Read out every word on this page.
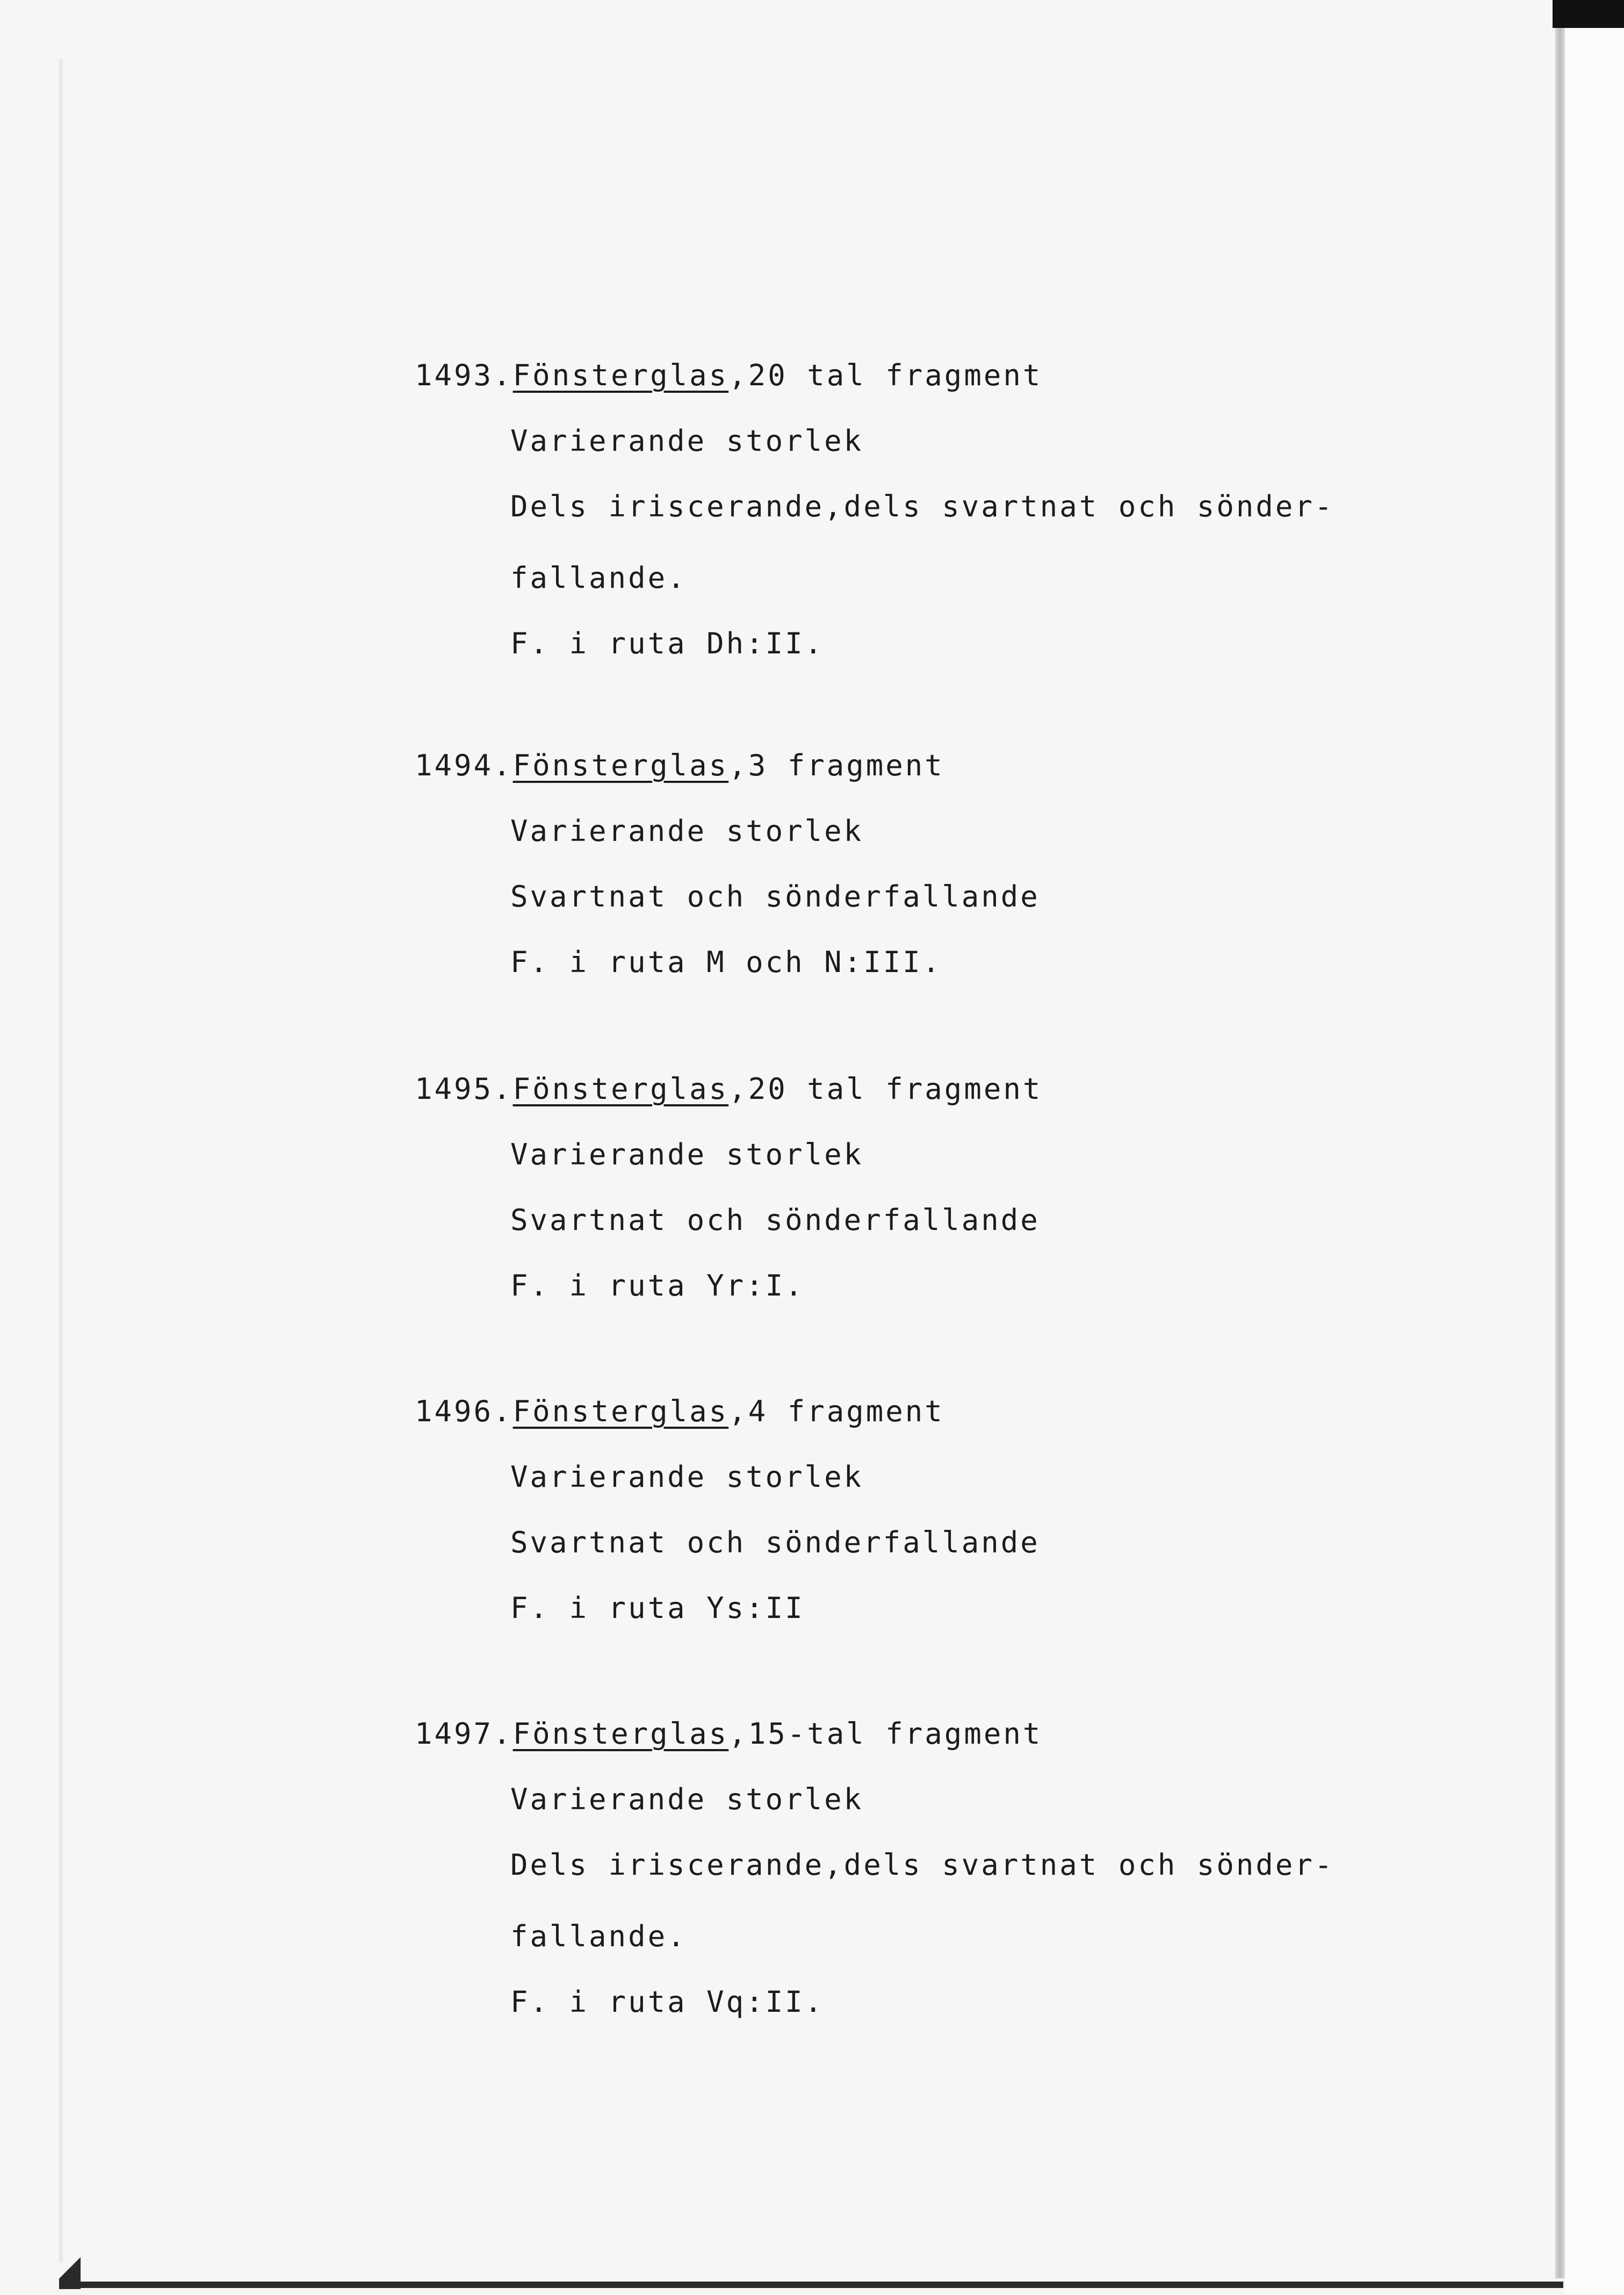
1493.Fönsterglas,20 tal fragment
Varierande storlek
Dels iriscerande,dels svartnat och sönder-
fallande.
F. i ruta Dh:II.
1494.Fönsterglas,3 fragment
Varierande storlek
Svartnat och sönderfallande
F. i ruta M och N:III.
1495.Fönsterglas,20 tal fragment
Varierande storlek
Svartnat och sönderfallande
F. i ruta Yr:I.
1496.Fönsterglas,4 fragment
Varierande storlek
Svartnat och sönderfallande
F. i ruta Ys:II
1497.Fönsterglas,15-tal fragment
Varierande storlek
Dels iriscerande,dels svartnat och sönder-
fallande.
F. i ruta Vq:II.
